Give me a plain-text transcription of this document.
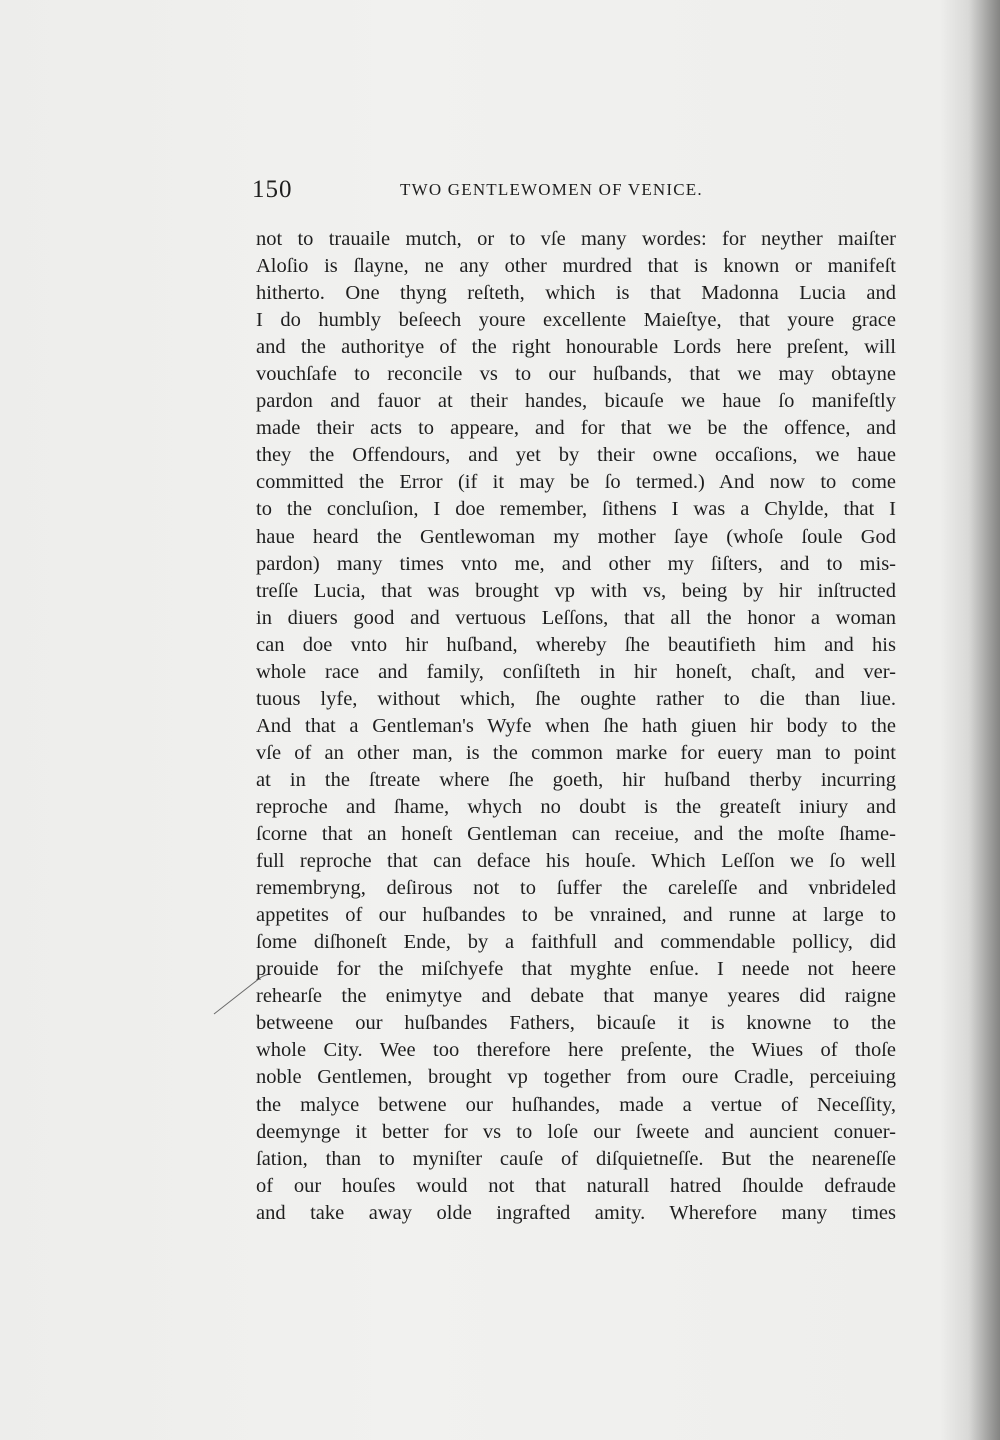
150	TWO GENTLEWOMEN OF VENICE.
not to trauaile mutch, or to vſe many wordes: for neyther maiſter
Aloſio is ſlayne, ne any other murdred that is known or manifeſt
hitherto. One thyng reſteth, which is that Madonna Lucia and
I do humbly beſeech youre excellente Maieſtye, that youre grace
and the authoritye of the right honourable Lords here preſent, will
vouchſafe to reconcile vs to our huſbands, that we may obtayne
pardon and fauor at their handes, bicauſe we haue ſo manifeſtly
made their acts to appeare, and for that we be the offence, and
they the Offendours, and yet by their owne occaſions, we haue
committed the Error (if it may be ſo termed.) And now to come
to the concluſion, I doe remember, ſithens I was a Chylde, that I
haue heard the Gentlewoman my mother ſaye (whoſe ſoule God
pardon) many times vnto me, and other my ſiſters, and to mis-
treſſe Lucia, that was brought vp with vs, being by hir inſtructed
in diuers good and vertuous Leſſons, that all the honor a woman
can doe vnto hir huſband, whereby ſhe beautifieth him and his
whole race and family, conſiſteth in hir honeſt, chaſt, and ver-
tuous lyfe, without which, ſhe oughte rather to die than liue.
And that a Gentleman's Wyfe when ſhe hath giuen hir body to the
vſe of an other man, is the common marke for euery man to point
at in the ſtreate where ſhe goeth, hir huſband therby incurring
reproche and ſhame, whych no doubt is the greateſt iniury and
ſcorne that an honeſt Gentleman can receiue, and the moſte ſhame-
full reproche that can deface his houſe. Which Leſſon we ſo well
remembryng, deſirous not to ſuffer the careleſſe and vnbrideled
appetites of our huſbandes to be vnrained, and runne at large to
ſome diſhoneſt Ende, by a faithfull and commendable pollicy, did
prouide for the miſchyefe that myghte enſue. I neede not heere
rehearſe the enimytye and debate that manye yeares did raigne
betweene our huſbandes Fathers, bicauſe it is knowne to the
whole City. Wee too therefore here preſente, the Wiues of thoſe
noble Gentlemen, brought vp together from oure Cradle, perceiuing
the malyce betwene our huſhandes, made a vertue of Neceſſity,
deemynge it better for vs to loſe our ſweete and auncient conuer-
ſation, than to myniſter cauſe of diſquietneſſe. But the neareneſſe
of our houſes would not that naturall hatred ſhoulde defraude
and take away olde ingrafted amity. Wherefore many times
